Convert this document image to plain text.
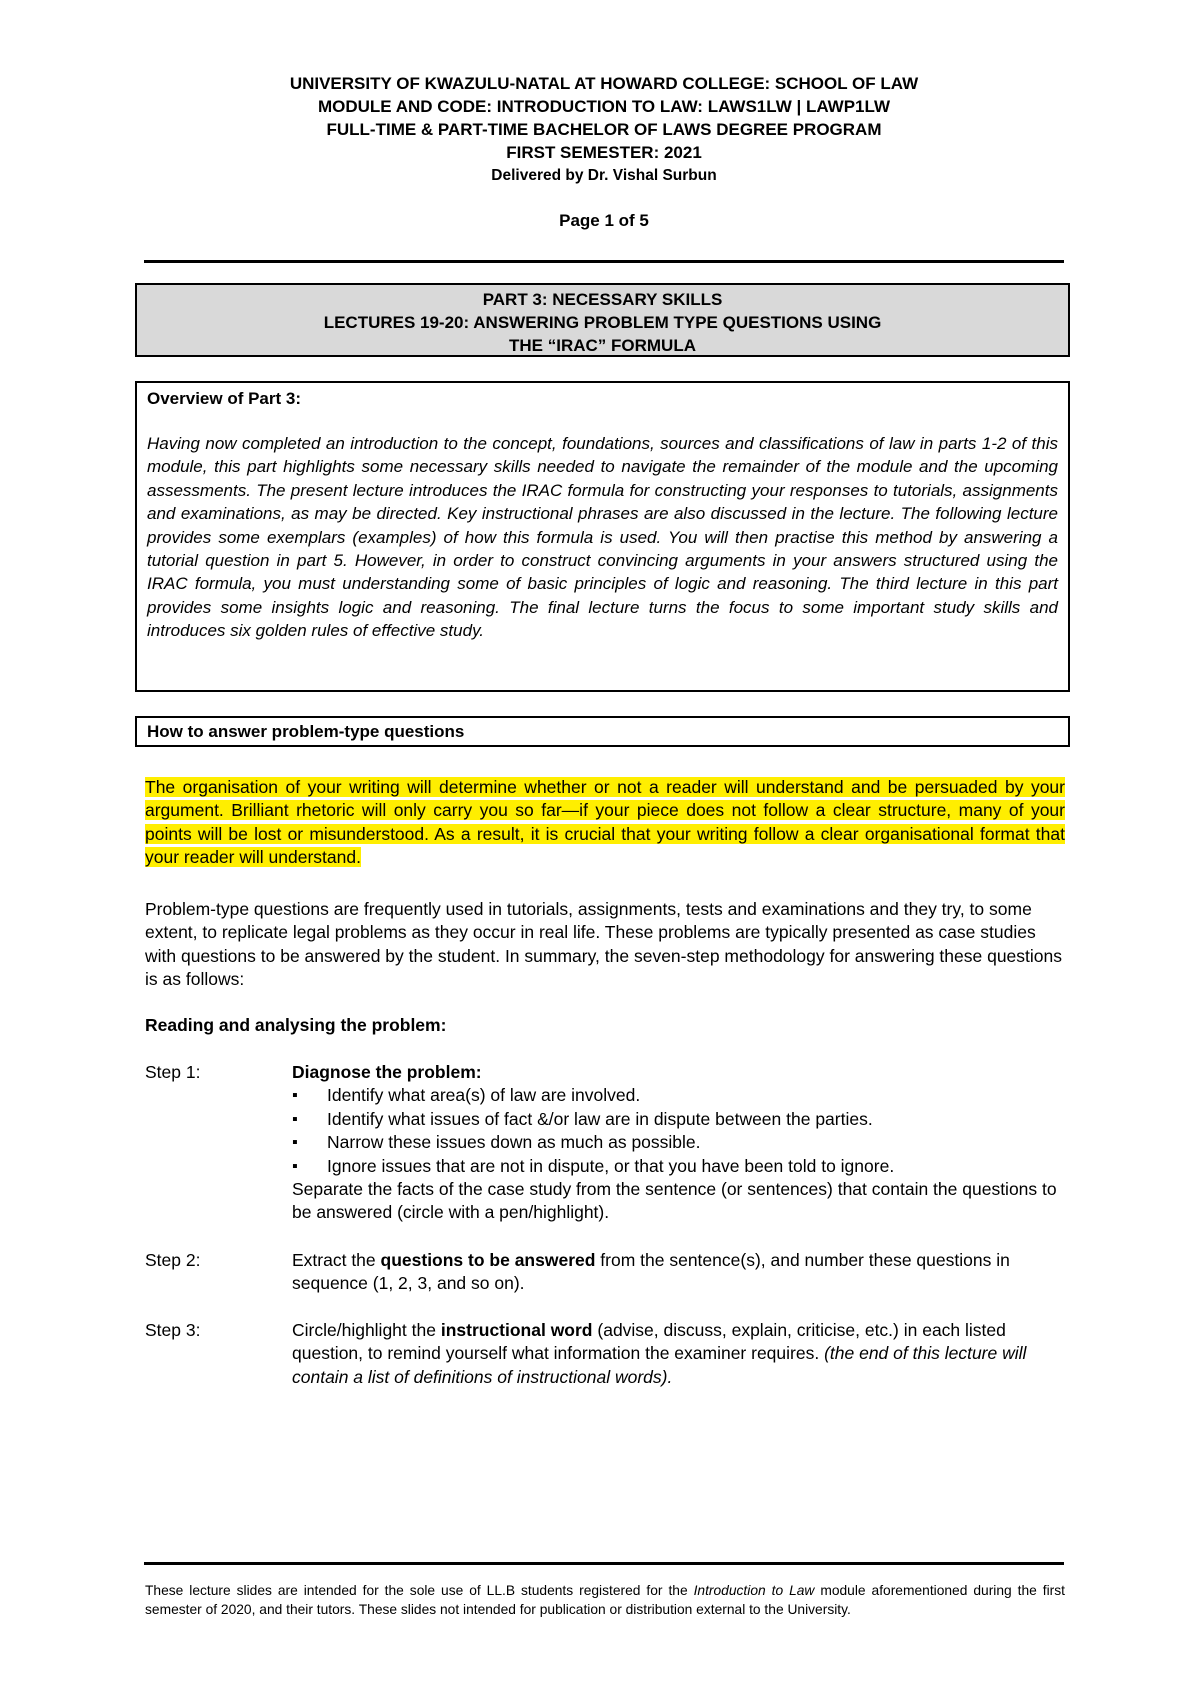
UNIVERSITY OF KWAZULU-NATAL AT HOWARD COLLEGE: SCHOOL OF LAW
MODULE AND CODE: INTRODUCTION TO LAW: LAWS1LW | LAWP1LW
FULL-TIME & PART-TIME BACHELOR OF LAWS DEGREE PROGRAM
FIRST SEMESTER: 2021
Delivered by Dr. Vishal Surbun
Page 1 of 5
PART 3: NECESSARY SKILLS
LECTURES 19-20: ANSWERING PROBLEM TYPE QUESTIONS USING
THE “IRAC” FORMULA
Overview of Part 3:
Having now completed an introduction to the concept, foundations, sources and classifications of law in parts 1-2 of this module, this part highlights some necessary skills needed to navigate the remainder of the module and the upcoming assessments. The present lecture introduces the IRAC formula for constructing your responses to tutorials, assignments and examinations, as may be directed. Key instructional phrases are also discussed in the lecture. The following lecture provides some exemplars (examples) of how this formula is used. You will then practise this method by answering a tutorial question in part 5. However, in order to construct convincing arguments in your answers structured using the IRAC formula, you must understanding some of basic principles of logic and reasoning. The third lecture in this part provides some insights logic and reasoning. The final lecture turns the focus to some important study skills and introduces six golden rules of effective study.
How to answer problem-type questions
The organisation of your writing will determine whether or not a reader will understand and be persuaded by your argument. Brilliant rhetoric will only carry you so far—if your piece does not follow a clear structure, many of your points will be lost or misunderstood. As a result, it is crucial that your writing follow a clear organisational format that your reader will understand.
Problem-type questions are frequently used in tutorials, assignments, tests and examinations and they try, to some extent, to replicate legal problems as they occur in real life. These problems are typically presented as case studies with questions to be answered by the student. In summary, the seven-step methodology for answering these questions is as follows:
Reading and analysing the problem:
Step 1:	Diagnose the problem:
▪ Identify what area(s) of law are involved.
▪ Identify what issues of fact &/or law are in dispute between the parties.
▪ Narrow these issues down as much as possible.
▪ Ignore issues that are not in dispute, or that you have been told to ignore.
Separate the facts of the case study from the sentence (or sentences) that contain the questions to be answered (circle with a pen/highlight).
Step 2:	Extract the questions to be answered from the sentence(s), and number these questions in sequence (1, 2, 3, and so on).
Step 3:	Circle/highlight the instructional word (advise, discuss, explain, criticise, etc.) in each listed question, to remind yourself what information the examiner requires. (the end of this lecture will contain a list of definitions of instructional words).
These lecture slides are intended for the sole use of LL.B students registered for the Introduction to Law module aforementioned during the first semester of 2020, and their tutors. These slides not intended for publication or distribution external to the University.
